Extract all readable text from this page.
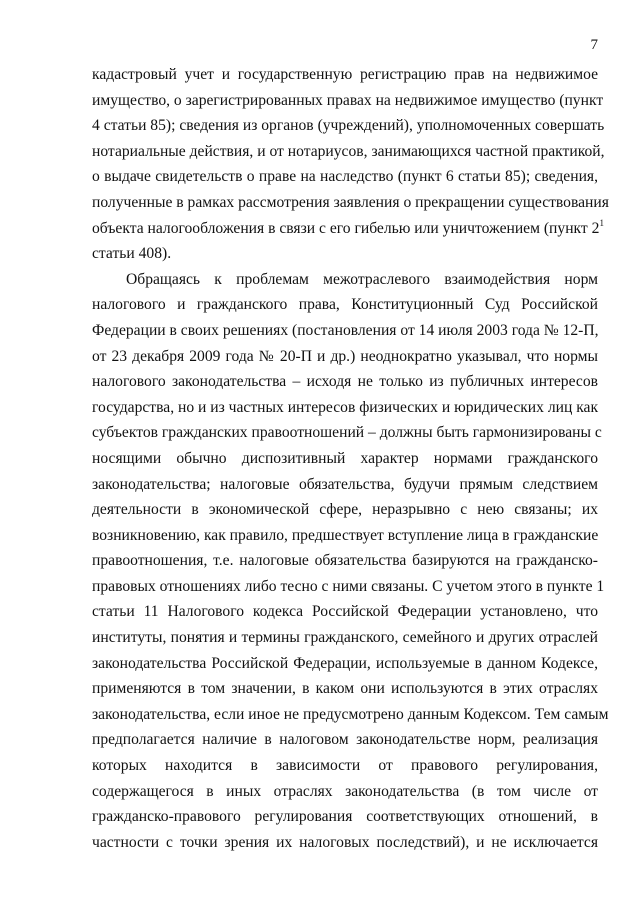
7
кадастровый учет и государственную регистрацию прав на недвижимое
имущество, о зарегистрированных правах на недвижимое имущество (пункт
4 статьи 85); сведения из органов (учреждений), уполномоченных совершать
нотариальные действия, и от нотариусов, занимающихся частной практикой,
о выдаче свидетельств о праве на наследство (пункт 6 статьи 85); сведения,
полученные в рамках рассмотрения заявления о прекращении существования
объекта налогообложения в связи с его гибелью или уничтожением (пункт $2^1$
статьи 408).
Обращаясь к проблемам межотраслевого взаимодействия норм
налогового и гражданского права, Конституционный Суд Российской
Федерации в своих решениях (постановления от 14 июля 2003 года № 12-П,
от 23 декабря 2009 года № 20-П и др.) неоднократно указывал, что нормы
налогового законодательства – исходя не только из публичных интересов
государства, но и из частных интересов физических и юридических лиц как
субъектов гражданских правоотношений – должны быть гармонизированы с
носящими обычно диспозитивный характер нормами гражданского
законодательства; налоговые обязательства, будучи прямым следствием
деятельности в экономической сфере, неразрывно с нею связаны; их
возникновению, как правило, предшествует вступление лица в гражданские
правоотношения, т.е. налоговые обязательства базируются на гражданско-
правовых отношениях либо тесно с ними связаны. С учетом этого в пункте 1
статьи 11 Налогового кодекса Российской Федерации установлено, что
институты, понятия и термины гражданского, семейного и других отраслей
законодательства Российской Федерации, используемые в данном Кодексе,
применяются в том значении, в каком они используются в этих отраслях
законодательства, если иное не предусмотрено данным Кодексом. Тем самым
предполагается наличие в налоговом законодательстве норм, реализация
которых находится в зависимости от правового регулирования,
содержащегося в иных отраслях законодательства (в том числе от
гражданско-правового регулирования соответствующих отношений, в
частности с точки зрения их налоговых последствий), и не исключается
